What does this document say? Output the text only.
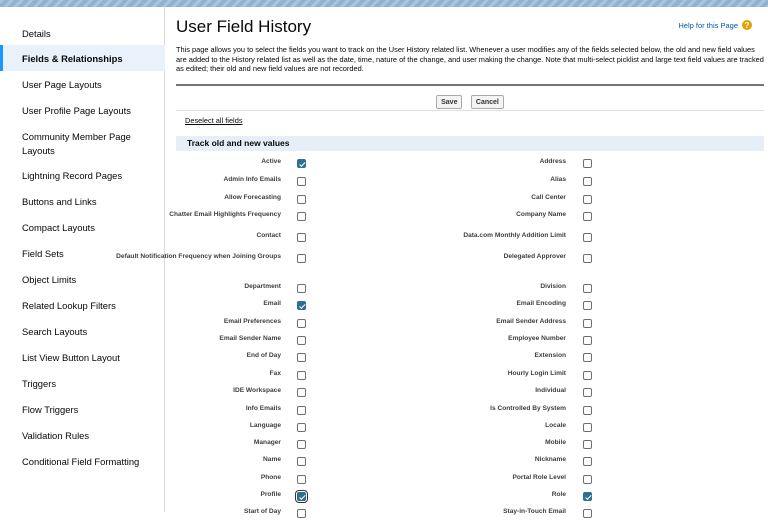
Details
Fields & Relationships
User Page Layouts
User Profile Page Layouts
Community Member Page Layouts
Lightning Record Pages
Buttons and Links
Compact Layouts
Field Sets
Object Limits
Related Lookup Filters
Search Layouts
List View Button Layout
Triggers
Flow Triggers
Validation Rules
Conditional Field Formatting
User Field History	Help for this Page ?

This page allows you to select the fields you want to track on the User History related list. Whenever a user modifies any of the fields selected below, the old and new field values are added to the History related list as well as the date, time, nature of the change, and user making the change. Note that multi-select picklist and large text field values are tracked as edited; their old and new field values are not recorded.

Save	Cancel
Deselect all fields
Track old and new values
Active
Admin Info Emails
Allow Forecasting
Chatter Email Highlights Frequency
Contact
Default Notification Frequency when Joining Groups
Department
Email
Email Preferences
Email Sender Name
End of Day
Fax
IDE Workspace
Info Emails
Language
Manager
Name
Phone
Profile
Start of Day
Address
Alias
Call Center
Company Name
Data.com Monthly Addition Limit
Delegated Approver
Division
Email Encoding
Email Sender Address
Employee Number
Extension
Hourly Login Limit
Individual
Is Controlled By System
Locale
Mobile
Nickname
Portal Role Level
Role
Stay-in-Touch Email
